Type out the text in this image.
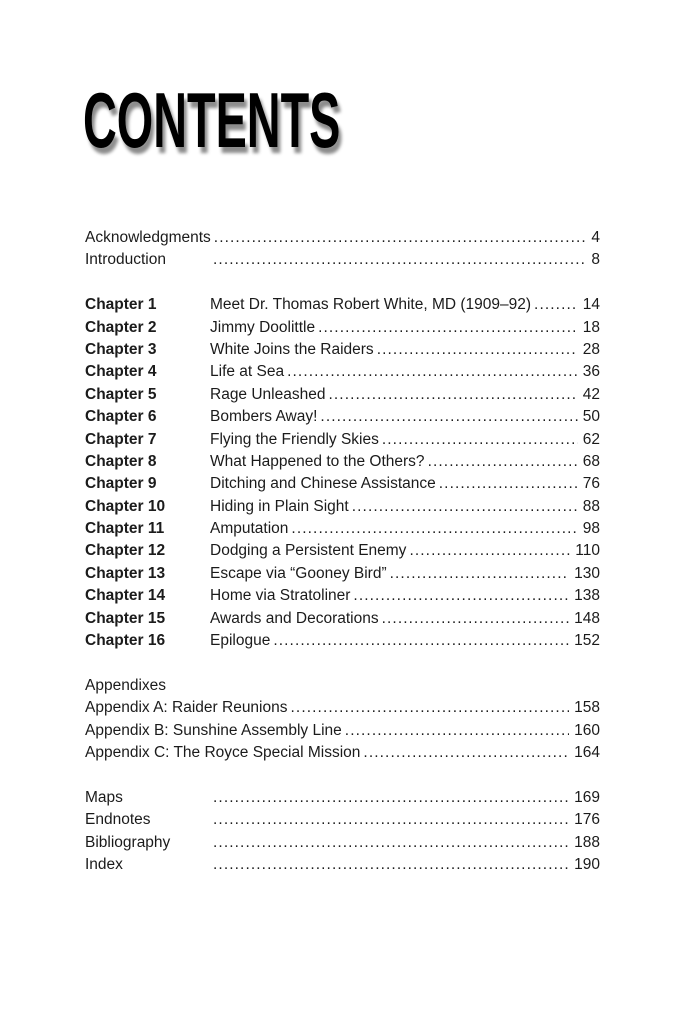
CONTENTS
Acknowledgments .....	4
Introduction .....	8
Chapter 1	Meet Dr. Thomas Robert White, MD (1909–92) .....	14
Chapter 2	Jimmy Doolittle .....	18
Chapter 3	White Joins the Raiders .....	28
Chapter 4	Life at Sea .....	36
Chapter 5	Rage Unleashed .....	42
Chapter 6	Bombers Away! .....	50
Chapter 7	Flying the Friendly Skies .....	62
Chapter 8	What Happened to the Others? .....	68
Chapter 9	Ditching and Chinese Assistance .....	76
Chapter 10	Hiding in Plain Sight .....	88
Chapter 11	Amputation .....	98
Chapter 12	Dodging a Persistent Enemy .....	110
Chapter 13	Escape via “Gooney Bird” .....	130
Chapter 14	Home via Stratoliner .....	138
Chapter 15	Awards and Decorations .....	148
Chapter 16	Epilogue .....	152
Appendixes
Appendix A: Raider Reunions .....	158
Appendix B: Sunshine Assembly Line .....	160
Appendix C: The Royce Special Mission .....	164
Maps .....	169
Endnotes .....	176
Bibliography .....	188
Index .....	190
